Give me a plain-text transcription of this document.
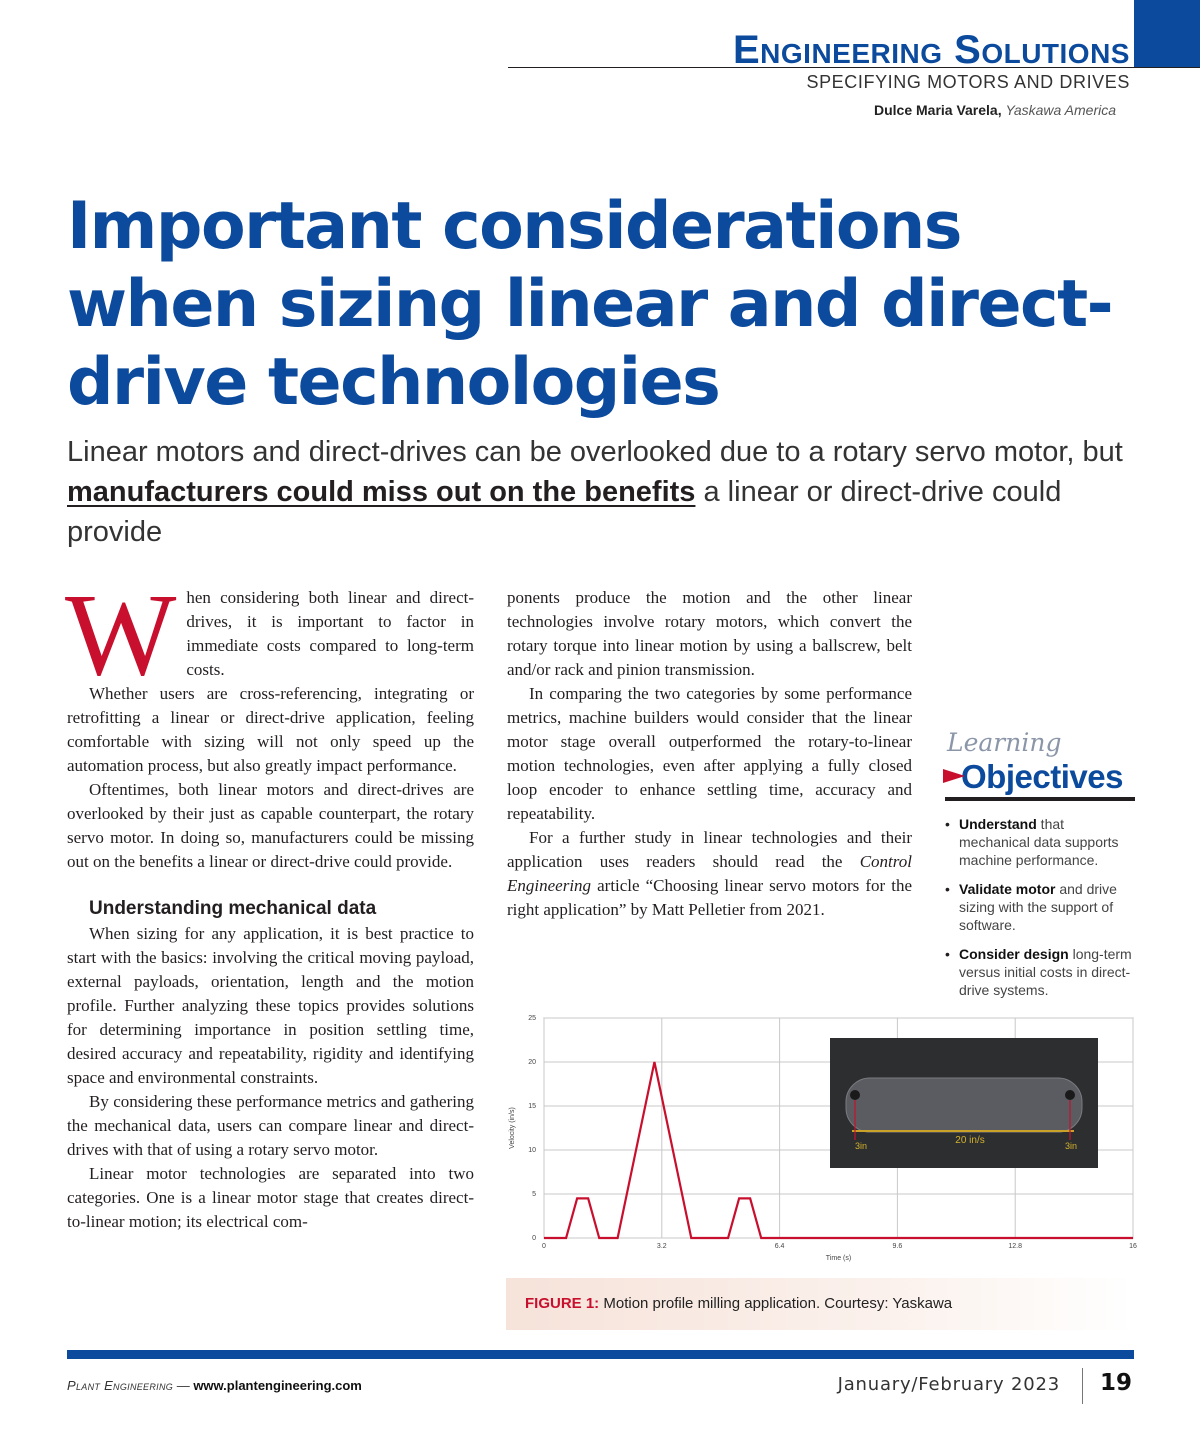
Engineering Solutions
SPECIFYING MOTORS AND DRIVES
Dulce Maria Varela, Yaskawa America
Important considerations when sizing linear and direct-drive technologies
Linear motors and direct-drives can be overlooked due to a rotary servo motor, but manufacturers could miss out on the benefits a linear or direct-drive could provide
W hen considering both linear and direct-drives, it is important to factor in immediate costs compared to long-term costs.

Whether users are cross-referencing, integrating or retrofitting a linear or direct-drive application, feeling comfortable with sizing will not only speed up the automation process, but also greatly impact performance.

Oftentimes, both linear motors and direct-drives are overlooked by their just as capable counterpart, the rotary servo motor. In doing so, manufacturers could be missing out on the benefits a linear or direct-drive could provide.

Understanding mechanical data

When sizing for any application, it is best practice to start with the basics: involving the critical moving payload, external payloads, orientation, length and the motion profile. Further analyzing these topics provides solutions for determining importance in position settling time, desired accuracy and repeatability, rigidity and identifying space and environmental constraints.

By considering these performance metrics and gathering the mechanical data, users can compare linear and direct-drives with that of using a rotary servo motor.

Linear motor technologies are separated into two categories. One is a linear motor stage that creates direct-to-linear motion; its electrical com-

ponents produce the motion and the other linear technologies involve rotary motors, which convert the rotary torque into linear motion by using a ballscrew, belt and/or rack and pinion transmission.

In comparing the two categories by some performance metrics, machine builders would consider that the linear motor stage overall outperformed the rotary-to-linear motion technologies, even after applying a fully closed loop encoder to enhance settling time, accuracy and repeatability.

For a further study in linear technologies and their application uses readers should read the Control Engineering article “Choosing linear servo motors for the right application” by Matt Pelletier from 2021.

Learning
Objectives
• Understand that mechanical data supports machine performance.
• Validate motor and drive sizing with the support of software.
• Consider design long-term versus initial costs in direct-drive systems.
0	3.2	6.4	9.6	12.8	16
0
5
10
15
20
25
Time (s)
Velocity (in/s)	3in	20 in/s	3in
FIGURE 1: Motion profile milling application. Courtesy: Yaskawa
Plant Engineering — www.plantengineering.com	January/February 2023 19
